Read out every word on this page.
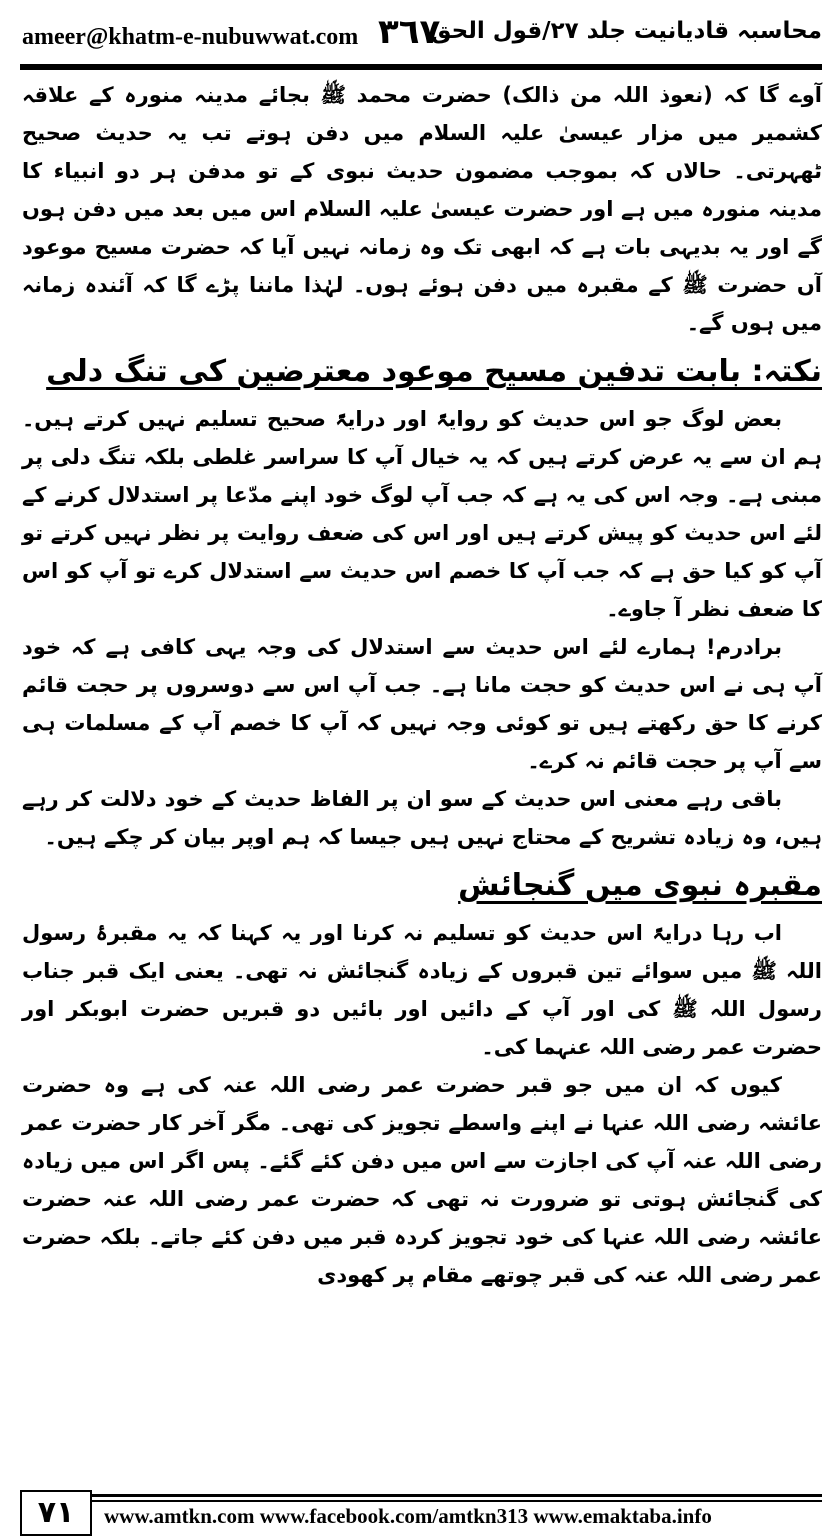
ameer@khatm-e-nubuwwat.com ٣٦٧
محاسبہ قادیانیت جلد ۲۷/قول الحق

آوے گا کہ (نعوذ اللہ من ذالک) حضرت محمد ﷺ بجائے مدینہ منورہ کے علاقہ کشمیر میں مزار عیسیٰ علیہ السلام میں دفن ہوتے تب یہ حدیث صحیح ٹھہرتی۔ حالاں کہ بموجب مضمون حدیث نبوی کے تو مدفن ہر دو انبیاء کا مدینہ منورہ میں ہے اور حضرت عیسیٰ علیہ السلام اس میں بعد میں دفن ہوں گے اور یہ بدیہی بات ہے کہ ابھی تک وہ زمانہ نہیں آیا کہ حضرت مسیح موعود آں حضرت ﷺ کے مقبرہ میں دفن ہوئے ہوں۔ لہٰذا ماننا پڑے گا کہ آئندہ زمانہ میں ہوں گے۔

نکتہ: بابت تدفین مسیح موعود معترضین کی تنگ دلی

بعض لوگ جو اس حدیث کو روایۃً اور درایۃً صحیح تسلیم نہیں کرتے ہیں۔ ہم ان سے یہ عرض کرتے ہیں کہ یہ خیال آپ کا سراسر غلطی بلکہ تنگ دلی پر مبنی ہے۔ وجہ اس کی یہ ہے کہ جب آپ لوگ خود اپنے مدّعا پر استدلال کرنے کے لئے اس حدیث کو پیش کرتے ہیں اور اس کی ضعف روایت پر نظر نہیں کرتے تو آپ کو کیا حق ہے کہ جب آپ کا خصم اس حدیث سے استدلال کرے تو آپ کو اس کا ضعف نظر آ جاوے۔

برادرم! ہمارے لئے اس حدیث سے استدلال کی وجہ یہی کافی ہے کہ خود آپ ہی نے اس حدیث کو حجت مانا ہے۔ جب آپ اس سے دوسروں پر حجت قائم کرنے کا حق رکھتے ہیں تو کوئی وجہ نہیں کہ آپ کا خصم آپ کے مسلمات ہی سے آپ پر حجت قائم نہ کرے۔

باقی رہے معنی اس حدیث کے سو ان پر الفاظ حدیث کے خود دلالت کر رہے ہیں، وہ زیادہ تشریح کے محتاج نہیں ہیں جیسا کہ ہم اوپر بیان کر چکے ہیں۔

مقبرہ نبوی میں گنجائش

اب رہا درایۃً اس حدیث کو تسلیم نہ کرنا اور یہ کہنا کہ یہ مقبرۂ رسول اللہ ﷺ میں سوائے تین قبروں کے زیادہ گنجائش نہ تھی۔ یعنی ایک قبر جناب رسول اللہ ﷺ کی اور آپ کے دائیں اور بائیں دو قبریں حضرت ابوبکر اور حضرت عمر رضی اللہ عنہما کی۔

کیوں کہ ان میں جو قبر حضرت عمر رضی اللہ عنہ کی ہے وہ حضرت عائشہ رضی اللہ عنہا نے اپنے واسطے تجویز کی تھی۔ مگر آخر کار حضرت عمر رضی اللہ عنہ آپ کی اجازت سے اس میں دفن کئے گئے۔ پس اگر اس میں زیادہ کی گنجائش ہوتی تو ضرورت نہ تھی کہ حضرت عمر رضی اللہ عنہ حضرت عائشہ رضی اللہ عنہا کی خود تجویز کردہ قبر میں دفن کئے جاتے۔ بلکہ حضرت عمر رضی اللہ عنہ کی قبر چوتھے مقام پر کھودی

۷۱	www.amtkn.com www.facebook.com/amtkn313 www.emaktaba.info
